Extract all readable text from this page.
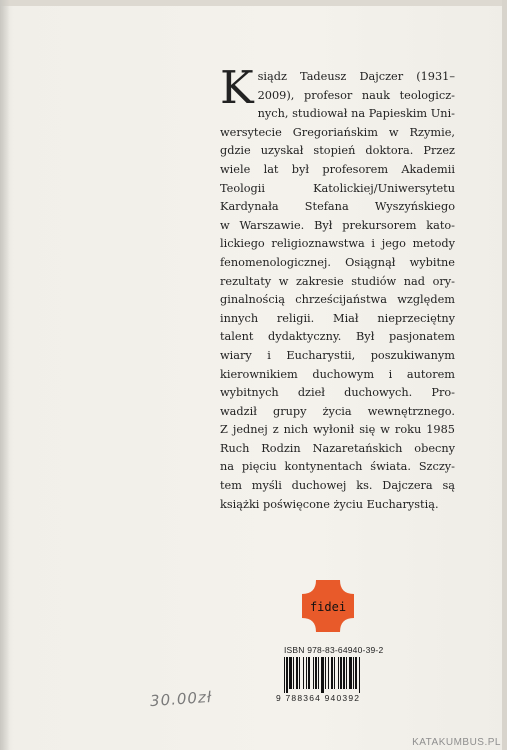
K siądz Tadeusz Dajczer (1931–
2009), profesor nauk teologicz-
nych, studiował na Papieskim Uni-
wersytecie Gregoriańskim w Rzymie,
gdzie uzyskał stopień doktora. Przez
wiele lat był profesorem Akademii
Teologii Katolickiej/Uniwersytetu
Kardynała Stefana Wyszyńskiego
w Warszawie. Był prekursorem kato-
lickiego religioznawstwa i jego metody
fenomenologicznej. Osiągnął wybitne
rezultaty w zakresie studiów nad ory-
ginalnością chrześcijaństwa względem
innych religii. Miał nieprzeciętny
talent dydaktyczny. Był pasjonatem
wiary i Eucharystii, poszukiwanym
kierownikiem duchowym i autorem
wybitnych dzieł duchowych. Pro-
wadził grupy życia wewnętrznego.
Z jednej z nich wyłonił się w roku 1985
Ruch Rodzin Nazaretańskich obecny
na pięciu kontynentach świata. Szczy-
tem myśli duchowej ks. Dajczera są
książki poświęcone życiu Eucharystią.
fidei
ISBN 978-83-64940-39-2
9 788364 940392
30.00zł
KATAKUMBUS.PL
